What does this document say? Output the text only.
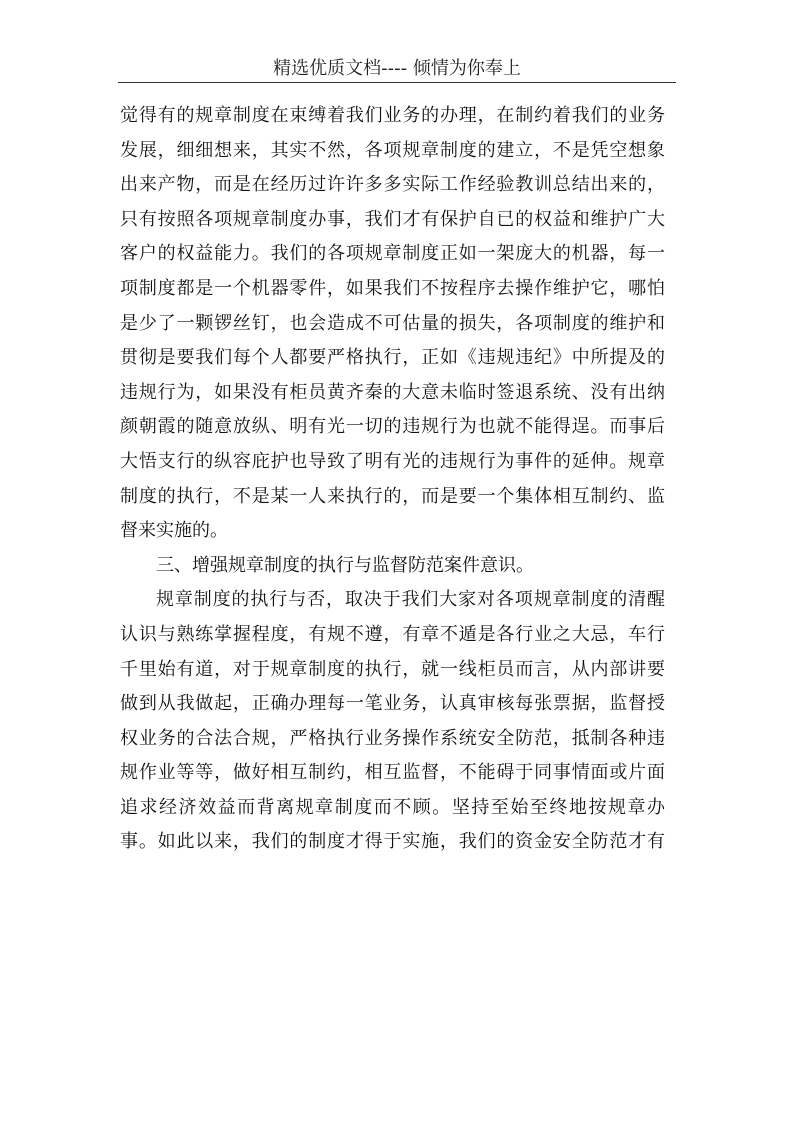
精选优质文档---- 倾情为你奉上
觉得有的规章制度在束缚着我们业务的办理，在制约着我们的业务
发展，细细想来，其实不然，各项规章制度的建立，不是凭空想象
出来产物，而是在经历过许许多多实际工作经验教训总结出来的，
只有按照各项规章制度办事，我们才有保护自已的权益和维护广大
客户的权益能力。我们的各项规章制度正如一架庞大的机器，每一
项制度都是一个机器零件，如果我们不按程序去操作维护它，哪怕
是少了一颗锣丝钉，也会造成不可估量的损失，各项制度的维护和
贯彻是要我们每个人都要严格执行，正如《违规违纪》中所提及的
违规行为，如果没有柜员黄齐秦的大意未临时签退系统、没有出纳
颜朝霞的随意放纵、明有光一切的违规行为也就不能得逞。而事后
大悟支行的纵容庇护也导致了明有光的违规行为事件的延伸。规章
制度的执行，不是某一人来执行的，而是要一个集体相互制约、监
督来实施的。
三、增强规章制度的执行与监督防范案件意识。
规章制度的执行与否，取决于我们大家对各项规章制度的清醒
认识与熟练掌握程度，有规不遵，有章不遁是各行业之大忌，车行
千里始有道，对于规章制度的执行，就一线柜员而言，从内部讲要
做到从我做起，正确办理每一笔业务，认真审核每张票据，监督授
权业务的合法合规，严格执行业务操作系统安全防范，抵制各种违
规作业等等，做好相互制约，相互监督，不能碍于同事情面或片面
追求经济效益而背离规章制度而不顾。坚持至始至终地按规章办
事。如此以来，我们的制度才得于实施，我们的资金安全防范才有
